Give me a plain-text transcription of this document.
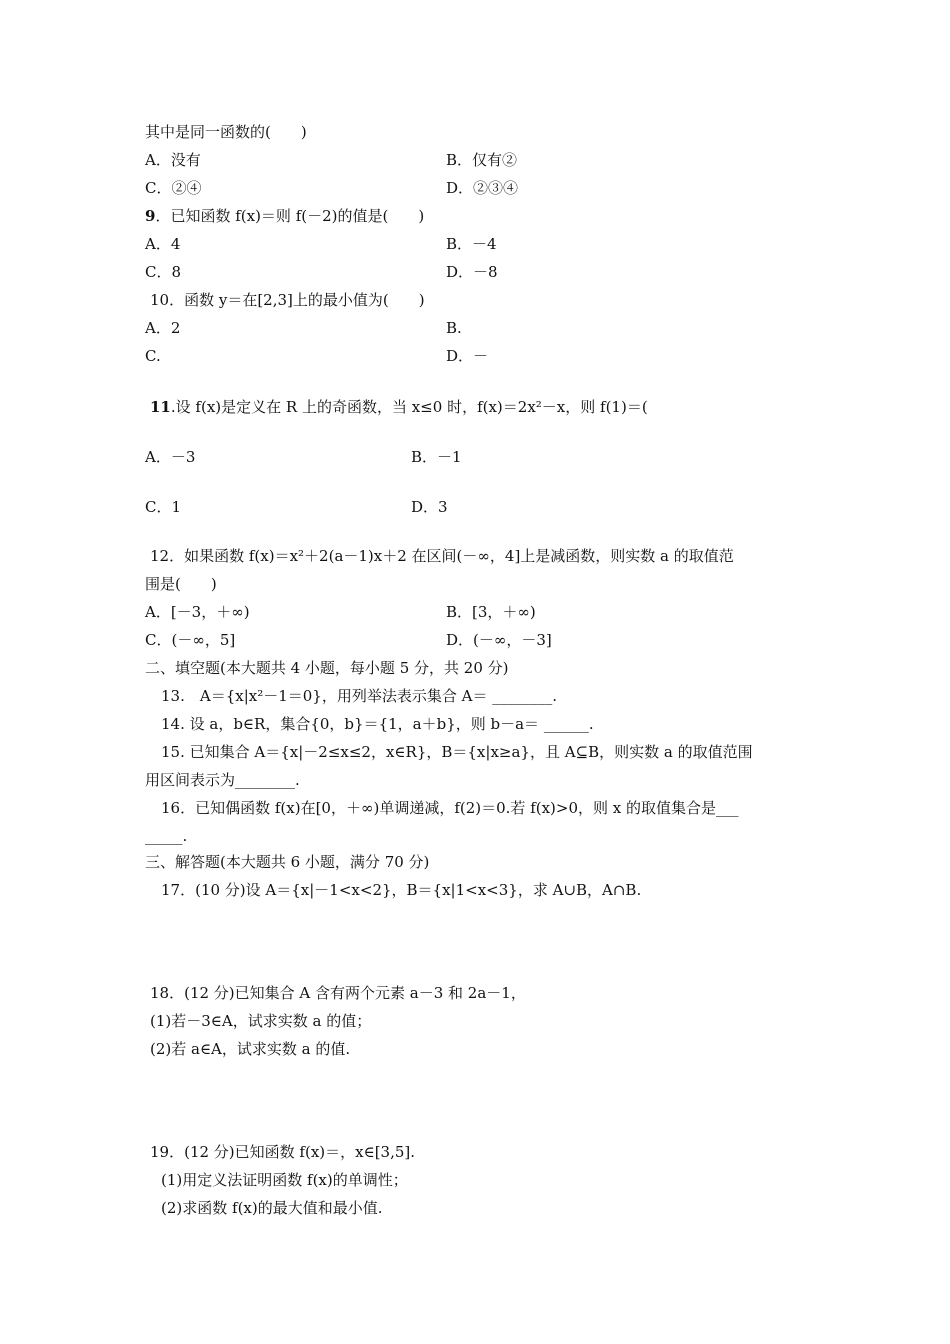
其中是同一函数的(　　)
A．没有	B．仅有②
C．②④	D．②③④
9．已知函数 f(x)＝则 f(－2)的值是(　　)
A．4	B．－4
C．8	D．－8
10．函数 y＝在[2,3]上的最小值为(　　)
A．2	B.
C.	D．－
11.设 f(x)是定义在 R 上的奇函数，当 x≤0 时，f(x)＝2x²－x，则 f(1)＝(
A．－3	B．－1
C．1	D．3
12．如果函数 f(x)＝x²＋2(a－1)x＋2 在区间(－∞，4]上是减函数，则实数 a 的取值范
围是(　　)
A．[－3，＋∞)	B．[3，＋∞)
C．(－∞，5]	D．(－∞，－3]
二、填空题(本大题共 4 小题，每小题 5 分，共 20 分)
13.　A＝{x|x²－1＝0}，用列举法表示集合 A＝ ________.
14. 设 a，b∈R，集合{0，b}＝{1，a＋b}，则 b－a＝ ______.
15. 已知集合 A＝{x|－2≤x≤2，x∈R}，B＝{x|x≥a}，且 A⊆B，则实数 a 的取值范围
用区间表示为________.
16．已知偶函数 f(x)在[0，＋∞)单调递减，f(2)＝0.若 f(x)>0，则 x 的取值集合是___
_____.
三、解答题(本大题共 6 小题，满分 70 分)
17．(10 分)设 A＝{x|－1<x<2}，B＝{x|1<x<3}，求 A∪B，A∩B.
18．(12 分)已知集合 A 含有两个元素 a－3 和 2a－1，
(1)若－3∈A，试求实数 a 的值；
(2)若 a∈A，试求实数 a 的值.
19．(12 分)已知函数 f(x)＝，x∈[3,5].
(1)用定义法证明函数 f(x)的单调性；
(2)求函数 f(x)的最大值和最小值.
